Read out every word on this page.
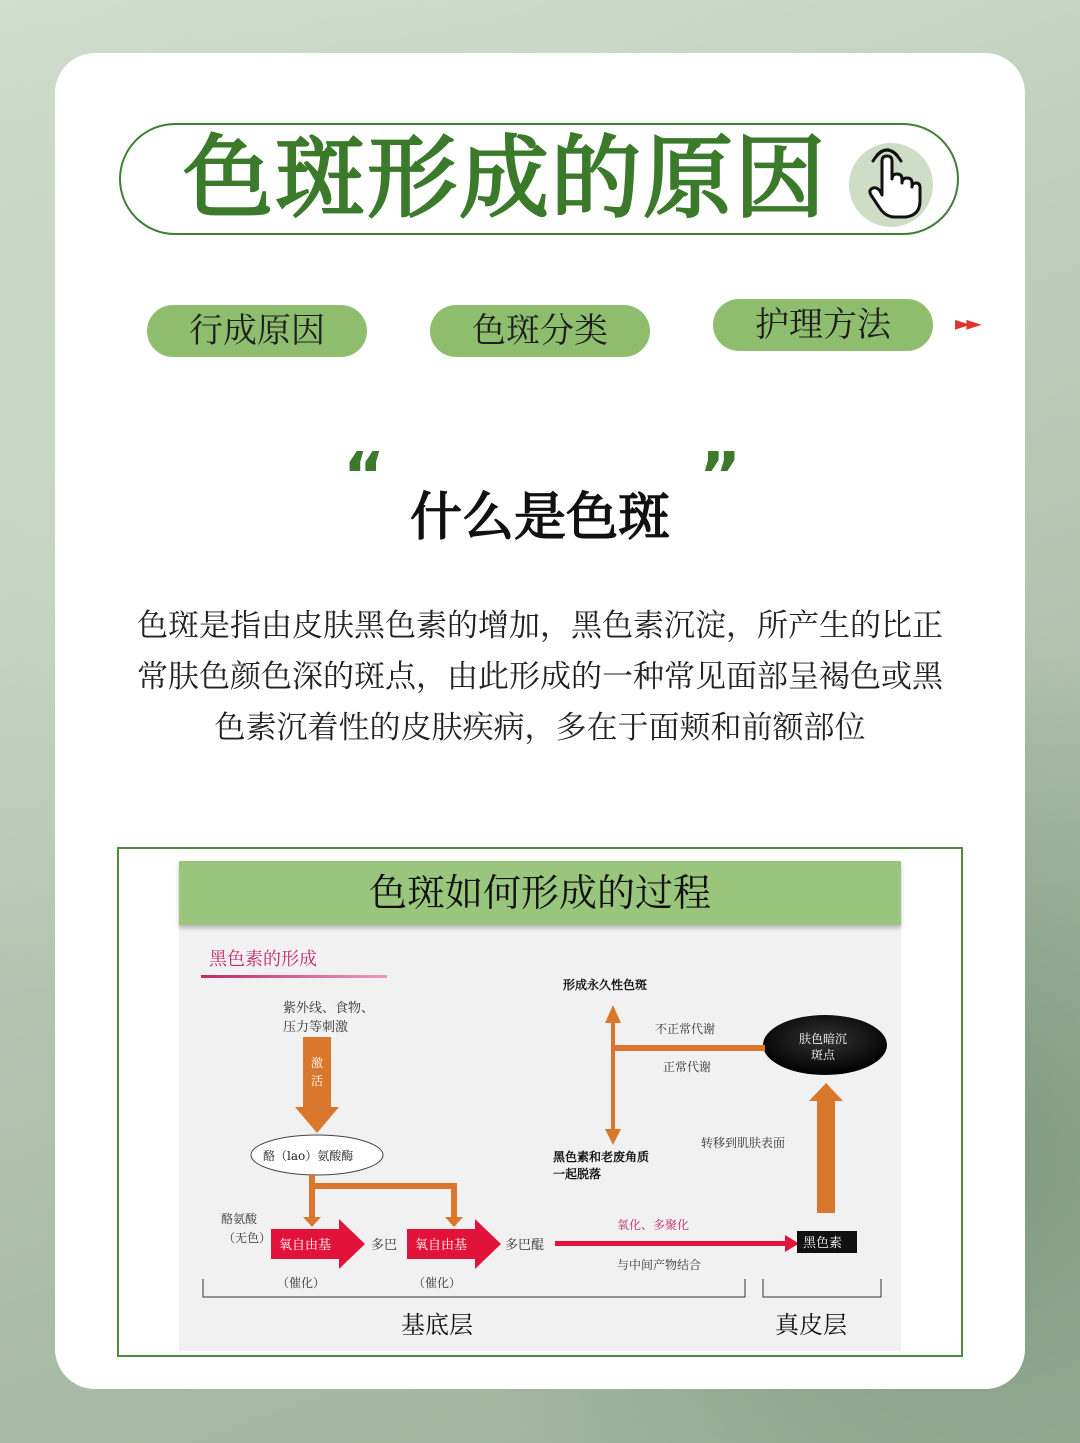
色斑形成的原因
行成原因	色斑分类	护理方法	►►
“	”
什么是色斑
色斑是指由皮肤黑色素的增加，黑色素沉淀，所产生的比正
常肤色颜色深的斑点，由此形成的一种常见面部呈褐色或黑
色素沉着性的皮肤疾病，多在于面颊和前额部位
色斑如何形成的过程
黑色素的形成
紫外线、食物、
压力等刺激
激
活
酪（lao）氨酸酶
酪氨酸
（无色） 氧自由基
（催化）
多巴 氧自由基
（催化）
多巴醌
氧化、多聚化
与中间产物结合
黑色素
转移到肌肤表面
肤色暗沉
斑点
形成永久性色斑
不正常代谢
正常代谢
黑色素和老废角质
一起脱落
基底层	真皮层
